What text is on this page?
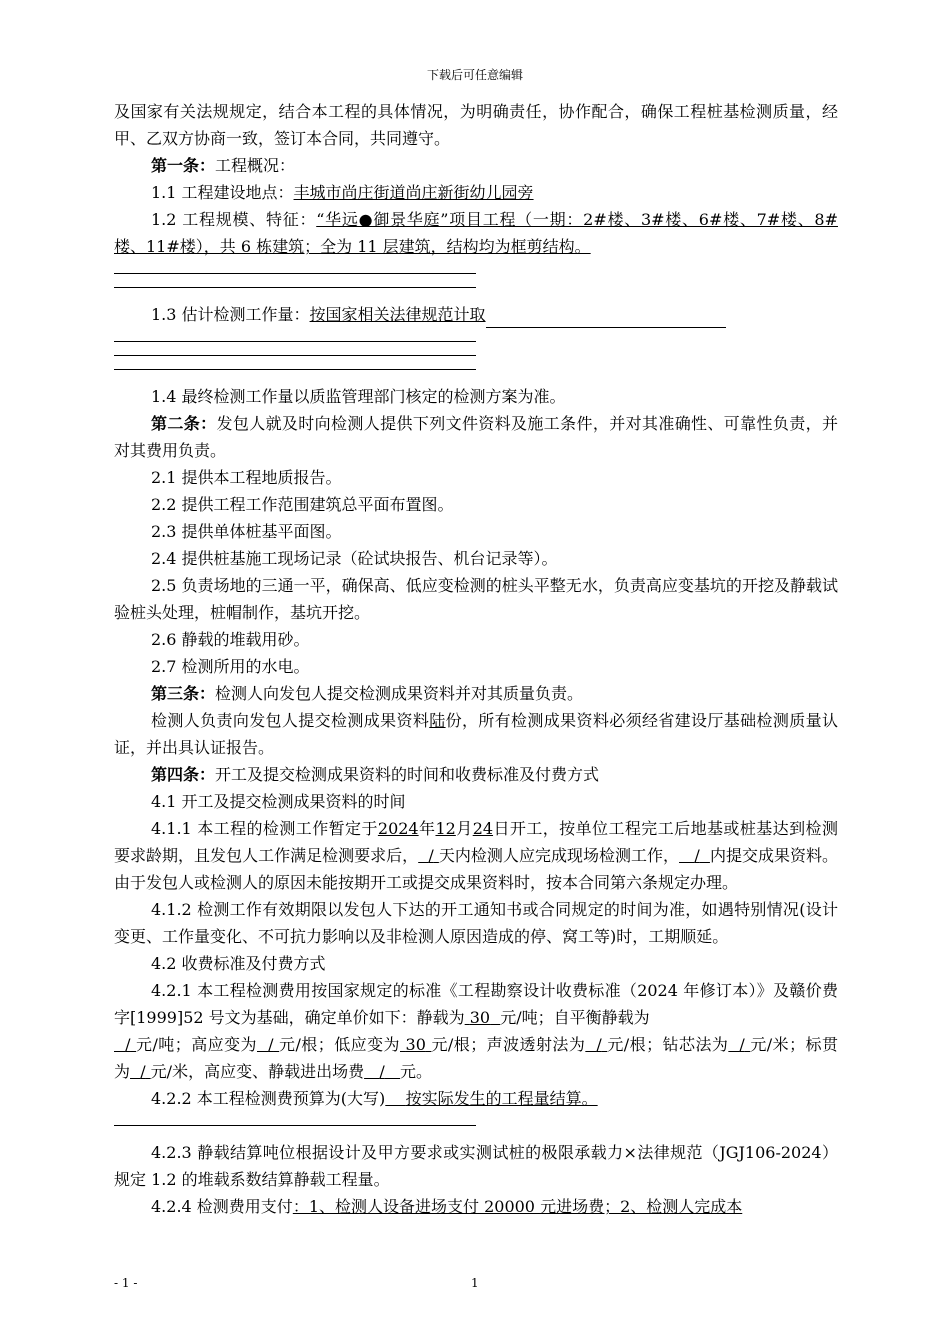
下载后可任意编辑

及国家有关法规规定，结合本工程的具体情况，为明确责任，协作配合，确保工程桩基检测质量，经甲、乙双方协商一致，签订本合同，共同遵守。

第一条：工程概况：

1.1 工程建设地点：丰城市尚庄街道尚庄新街幼儿园旁

1.2 工程规模、特征：“华远●御景华庭”项目工程（一期：2#楼、3#楼、6#楼、7#楼、8#楼、11#楼），共 6 栋建筑；全为 11 层建筑，结构均为框剪结构。

1.3 估计检测工作量：按国家相关法律规范计取

1.4 最终检测工作量以质监管理部门核定的检测方案为准。

第二条：发包人就及时向检测人提供下列文件资料及施工条件，并对其准确性、可靠性负责，并对其费用负责。

2.1 提供本工程地质报告。

2.2 提供工程工作范围建筑总平面布置图。

2.3 提供单体桩基平面图。

2.4 提供桩基施工现场记录（砼试块报告、机台记录等）。

2.5 负责场地的三通一平，确保高、低应变检测的桩头平整无水，负责高应变基坑的开挖及静载试验桩头处理，桩帽制作，基坑开挖。

2.6 静载的堆载用砂。

2.7 检测所用的水电。

第三条：检测人向发包人提交检测成果资料并对其质量负责。

检测人负责向发包人提交检测成果资料陆份，所有检测成果资料必须经省建设厅基础检测质量认证，并出具认证报告。

第四条：开工及提交检测成果资料的时间和收费标准及付费方式

4.1 开工及提交检测成果资料的时间

4.1.1 本工程的检测工作暂定于2024年12月24日开工，按单位工程完工后地基或桩基达到检测要求龄期，且发包人工作满足检测要求后， / 天内检测人应完成现场检测工作， / 内提交成果资料。由于发包人或检测人的原因未能按期开工或提交成果资料时，按本合同第六条规定办理。

4.1.2 检测工作有效期限以发包人下达的开工通知书或合同规定的时间为准，如遇特别情况(设计变更、工作量变化、不可抗力影响以及非检测人原因造成的停、窝工等)时，工期顺延。

4.2 收费标准及付费方式

4.2.1 本工程检测费用按国家规定的标准《工程勘察设计收费标准（2024 年修订本）》及赣价费字[1999]52 号文为基础，确定单价如下：静载为 30 元/吨；自平衡静载为
/ 元/吨；高应变为 / 元/根；低应变为 30 元/根；声波透射法为 / 元/根；钻芯法为 / 元/米；标贯为 / 元/米，高应变、静载进出场费 / 元。

4.2.2 本工程检测费预算为(大写) 按实际发生的工程量结算。

4.2.3 静载结算吨位根据设计及甲方要求或实测试桩的极限承载力×法律规范（JGJ106-2024）规定 1.2 的堆载系数结算静载工程量。

4.2.4 检测费用支付：1、检测人设备进场支付 20000 元进场费；2、检测人完成本

- 1 -	1
